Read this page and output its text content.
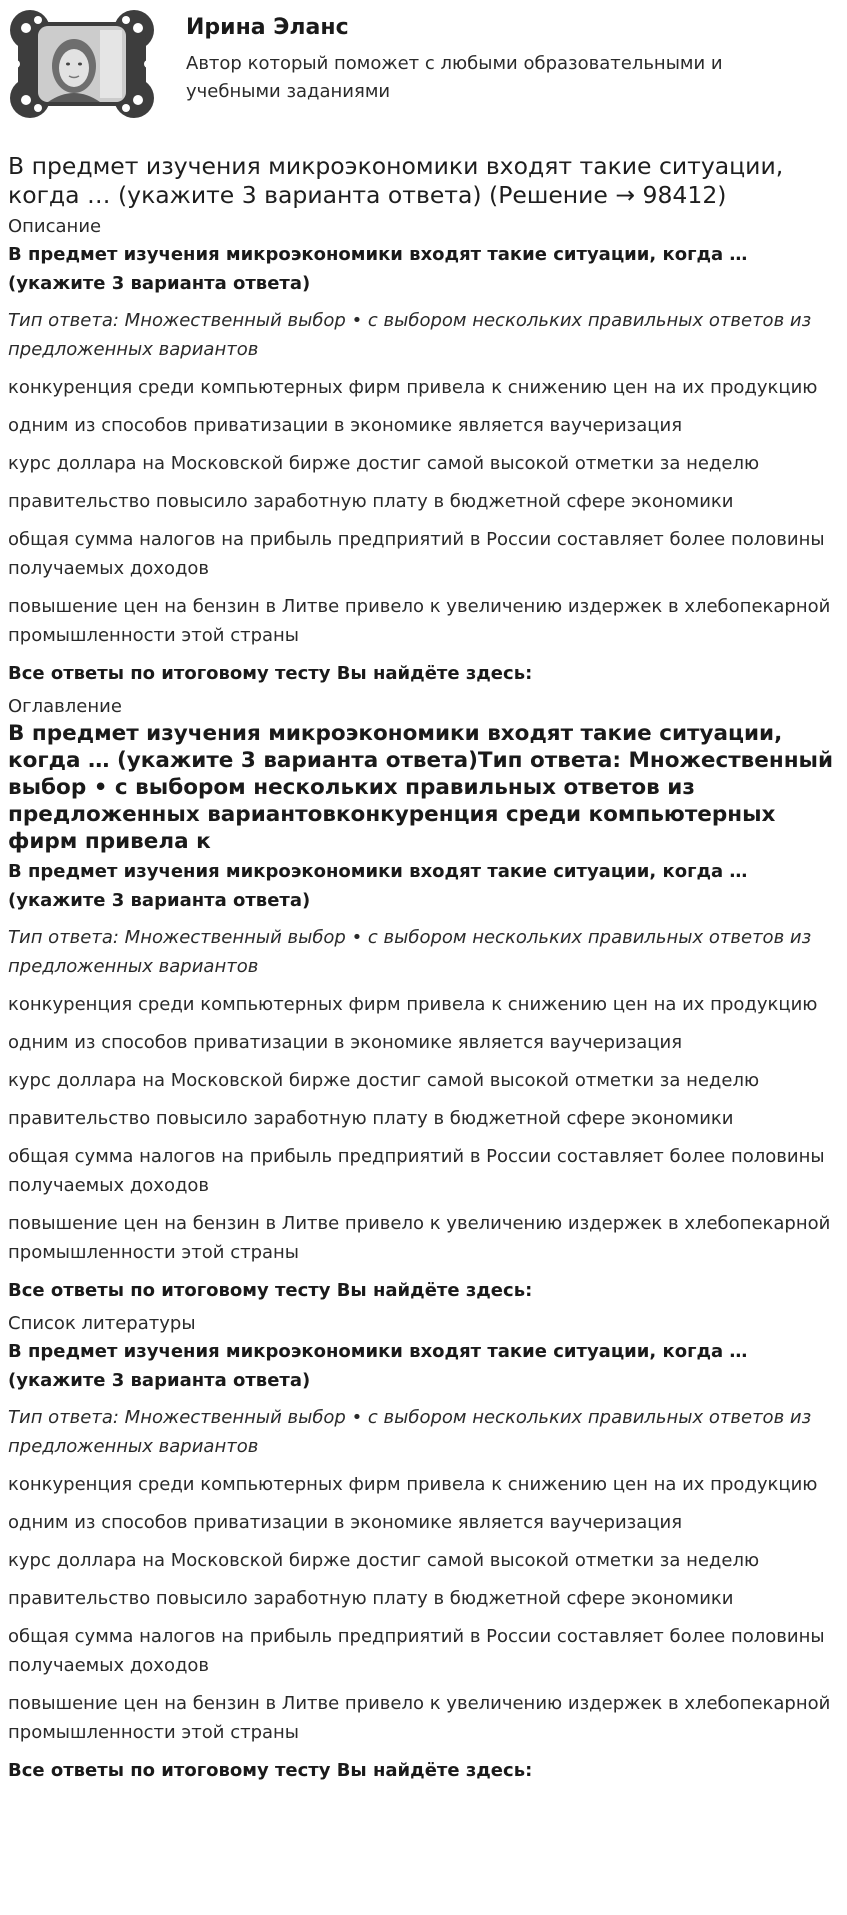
Ирина Эланс
Автор который поможет с любыми образовательными и учебными заданиями
В предмет изучения микроэкономики входят такие ситуации, когда … (укажите 3 варианта ответа) (Решение → 98412)
Описание
В предмет изучения микроэкономики входят такие ситуации, когда … (укажите 3 варианта ответа)
Тип ответа: Множественный выбор • с выбором нескольких правильных ответов из предложенных вариантов
конкуренция среди компьютерных фирм привела к снижению цен на их продукцию
одним из способов приватизации в экономике является ваучеризация
курс доллара на Московской бирже достиг самой высокой отметки за неделю
правительство повысило заработную плату в бюджетной сфере экономики
общая сумма налогов на прибыль предприятий в России составляет более половины получаемых доходов
повышение цен на бензин в Литве привело к увеличению издержек в хлебопекарной промышленности этой страны
Все ответы по итоговому тесту Вы найдёте здесь:
Оглавление
В предмет изучения микроэкономики входят такие ситуации, когда … (укажите 3 варианта ответа)Тип ответа: Множественный выбор • с выбором нескольких правильных ответов из предложенных вариантовконкуренция среди компьютерных фирм привела к
В предмет изучения микроэкономики входят такие ситуации, когда … (укажите 3 варианта ответа)
Тип ответа: Множественный выбор • с выбором нескольких правильных ответов из предложенных вариантов
конкуренция среди компьютерных фирм привела к снижению цен на их продукцию
одним из способов приватизации в экономике является ваучеризация
курс доллара на Московской бирже достиг самой высокой отметки за неделю
правительство повысило заработную плату в бюджетной сфере экономики
общая сумма налогов на прибыль предприятий в России составляет более половины получаемых доходов
повышение цен на бензин в Литве привело к увеличению издержек в хлебопекарной промышленности этой страны
Все ответы по итоговому тесту Вы найдёте здесь:
Список литературы
В предмет изучения микроэкономики входят такие ситуации, когда … (укажите 3 варианта ответа)
Тип ответа: Множественный выбор • с выбором нескольких правильных ответов из предложенных вариантов
конкуренция среди компьютерных фирм привела к снижению цен на их продукцию
одним из способов приватизации в экономике является ваучеризация
курс доллара на Московской бирже достиг самой высокой отметки за неделю
правительство повысило заработную плату в бюджетной сфере экономики
общая сумма налогов на прибыль предприятий в России составляет более половины получаемых доходов
повышение цен на бензин в Литве привело к увеличению издержек в хлебопекарной промышленности этой страны
Все ответы по итоговому тесту Вы найдёте здесь:
